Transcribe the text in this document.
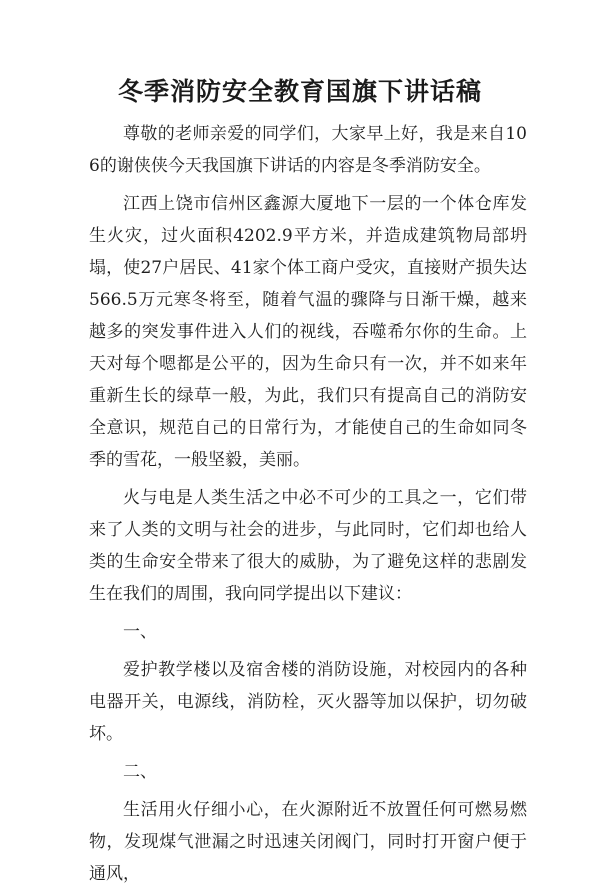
冬季消防安全教育国旗下讲话稿

尊敬的老师亲爱的同学们，大家早上好，我是来自106的谢侠侠今天我国旗下讲话的内容是冬季消防安全。

江西上饶市信州区鑫源大厦地下一层的一个体仓库发生火灾，过火面积4202.9平方米，并造成建筑物局部坍塌，使27户居民、41家个体工商户受灾，直接财产损失达566.5万元寒冬将至，随着气温的骤降与日渐干燥，越来越多的突发事件进入人们的视线，吞噬希尔你的生命。上天对每个嗯都是公平的，因为生命只有一次，并不如来年重新生长的绿草一般，为此，我们只有提高自己的消防安全意识，规范自己的日常行为，才能使自己的生命如同冬季的雪花，一般坚毅，美丽。

火与电是人类生活之中必不可少的工具之一，它们带来了人类的文明与社会的进步，与此同时，它们却也给人类的生命安全带来了很大的威胁，为了避免这样的悲剧发生在我们的周围，我向同学提出以下建议：

一、

爱护教学楼以及宿舍楼的消防设施，对校园内的各种电器开关，电源线，消防栓，灭火器等加以保护，切勿破坏。

二、

生活用火仔细小心，在火源附近不放置任何可燃易燃物，发现煤气泄漏之时迅速关闭阀门，同时打开窗户便于通风，
